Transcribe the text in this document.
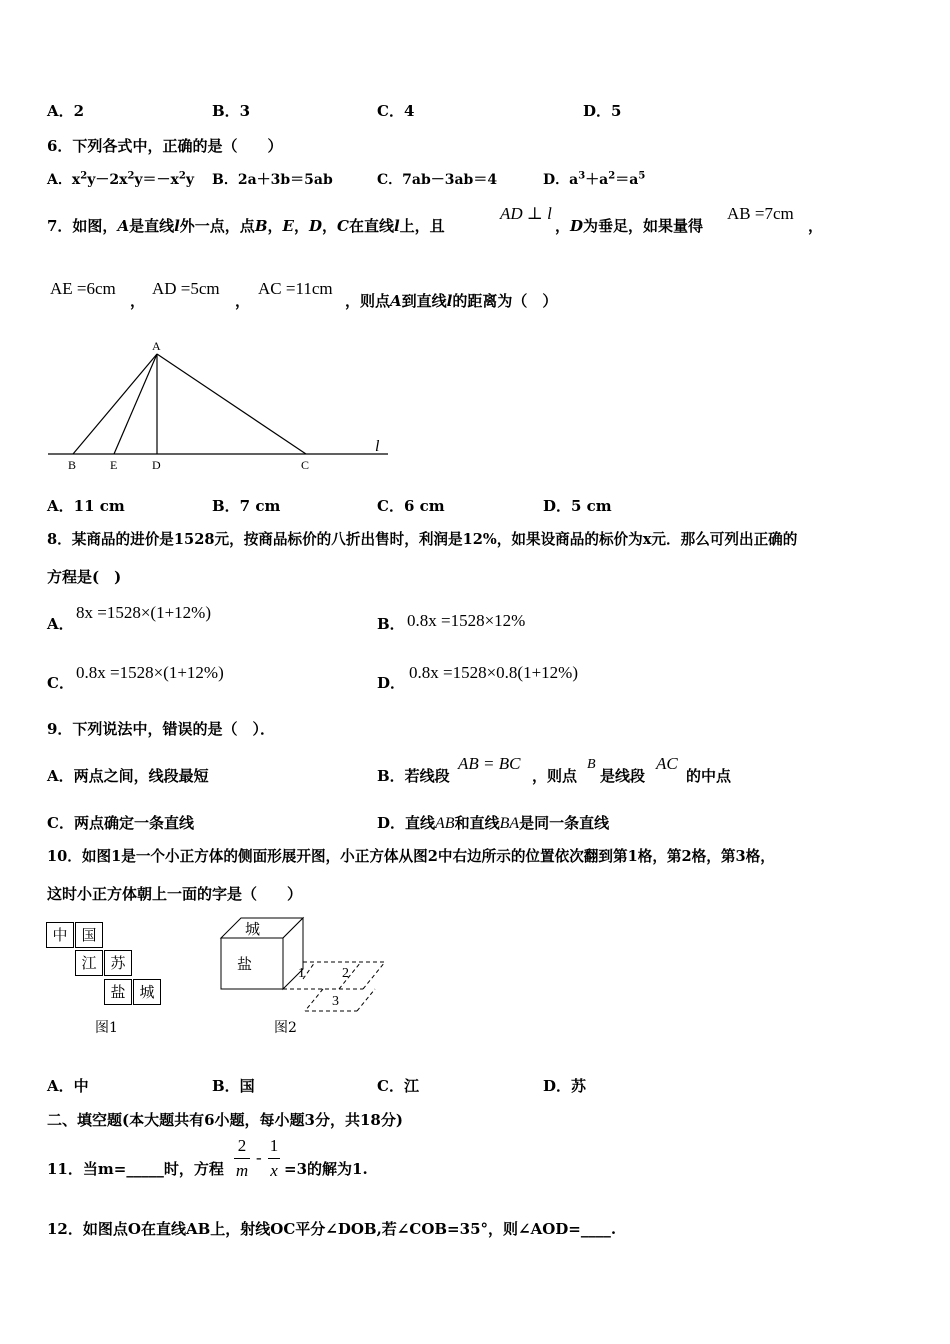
A．2	B．3	C．4	D．5
6．下列各式中，正确的是（　　）
A．$x^2y-2x^2y=-x^2y$ B．2a＋3b＝5ab	C．7ab－3ab＝4	D．$a^3+a^2=a^5$
7．如图，A是直线l外一点，点B，E，D，C在直线l上，且
AD ⊥ l
，D为垂足，如果量得
AB =7cm
，
AE =6cm
，
AD =5cm
，
AC =11cm
，则点A到直线l的距离为（　）
A
B	E	D	C
l
A．11 cm	B．7 cm	C．6 cm	D．5 cm
8．某商品的进价是1528元，按商品标价的八折出售时，利润是12%，如果设商品的标价为x元．那么可列出正确的
方程是(　)
A．
8x =1528×(1+12%)
B． 0.8x =1528×12%
C．
0.8x =1528×(1+12%)
D．
0.8x =1528×0.8(1+12%)
9．下列说法中，错误的是（　）．
A．两点之间，线段最短	B．若线段
AB = BC
，则点
B
是线段
AC
的中点
C．两点确定一条直线	D．直线AB和直线BA是同一条直线
10．如图1是一个小正方体的侧面形展开图，小正方体从图2中右边所示的位置依次翻到第1格，第2格，第3格，
这时小正方体朝上一面的字是（　　）
中 国
江 苏
盐 城
图1
城
盐
1	2
3
图2
A．中	B．国	C．江	D．苏
二、填空题(本大题共有6小题，每小题3分，共18分)
11．当m=_____时，方程
2
m
-
1
x =3的解为1.
12．如图点O在直线AB上，射线OC平分∠DOB,若∠COB=35°，则∠AOD=____.
